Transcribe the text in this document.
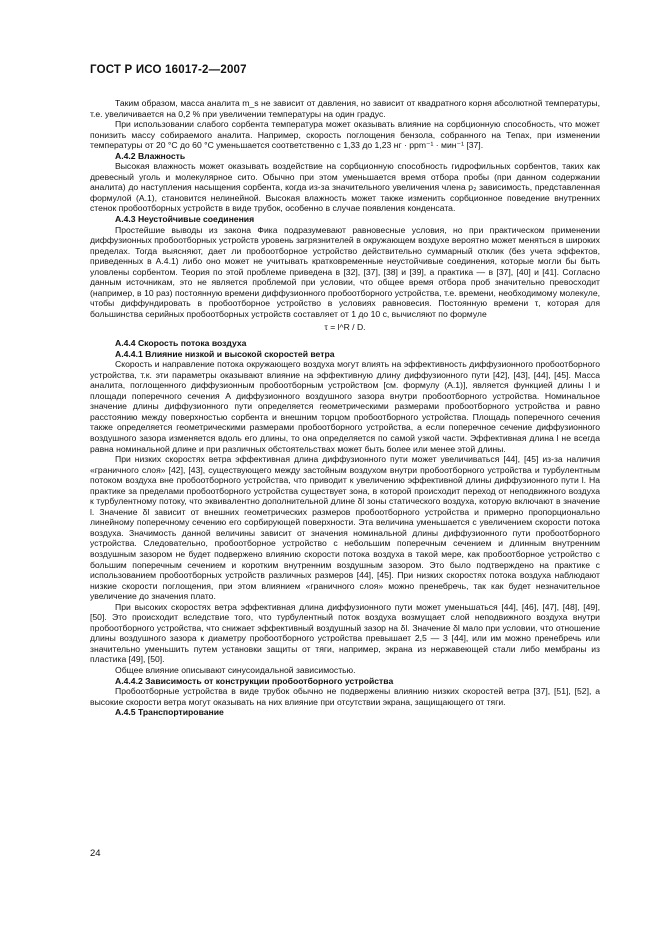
ГОСТ Р ИСО 16017-2—2007

Таким образом, масса аналита m_s не зависит от давления, но зависит от квадратного корня абсолютной температуры, т.е. увеличивается на 0,2 % при увеличении температуры на один градус.

При использовании слабого сорбента температура может оказывать влияние на сорбционную способность, что может понизить массу собираемого аналита. Например, скорость поглощения бензола, собранного на Тепах, при изменении температуры от 20 °С до 60 °С уменьшается соответственно с 1,33 до 1,23 нг · ppm⁻¹ · мин⁻¹ [37].

А.4.2 Влажность

Высокая влажность может оказывать воздействие на сорбционную способность гидрофильных сорбентов, таких как древесный уголь и молекулярное сито. Обычно при этом уменьшается время отбора пробы (при данном содержании аналита) до наступления насыщения сорбента, когда из-за значительного увеличения члена p₂ зависимость, представленная формулой (А.1), становится нелинейной. Высокая влажность может также изменить сорбционное поведение внутренних стенок пробоотборных устройств в виде трубок, особенно в случае появления конденсата.

А.4.3 Неустойчивые соединения

Простейшие выводы из закона Фика подразумевают равновесные условия, но при практическом применении диффузионных пробоотборных устройств уровень загрязнителей в окружающем воздухе вероятно может меняться в широких пределах. Тогда выясняют, дает ли пробоотборное устройство действительно суммарный отклик (без учета эффектов, приведенных в А.4.1) либо оно может не учитывать кратковременные неустойчивые соединения, которые могли бы быть уловлены сорбентом. Теория по этой проблеме приведена в [32], [37], [38] и [39], а практика — в [37], [40] и [41]. Согласно данным источникам, это не является проблемой при условии, что общее время отбора проб значительно превосходит (например, в 10 раз) постоянную времени диффузионного пробоотборного устройства, т.е. времени, необходимому молекуле, чтобы диффундировать в пробоотборное устройство в условиях равновесия. Постоянную времени τ, которая для большинства серийных пробоотборных устройств составляет от 1 до 10 с, вычисляют по формуле

τ = l^R / D.

А.4.4 Скорость потока воздуха

А.4.4.1 Влияние низкой и высокой скоростей ветра

Скорость и направление потока окружающего воздуха могут влиять на эффективность диффузионного пробоотборного устройства, т.к. эти параметры оказывают влияние на эффективную длину диффузионного пути [42], [43], [44], [45]. Масса аналита, поглощенного диффузионным пробоотборным устройством [см. формулу (А.1)], является функцией длины l и площади поперечного сечения A диффузионного воздушного зазора внутри пробоотборного устройства. Номинальное значение длины диффузионного пути определяется геометрическими размерами пробоотборного устройства и равно расстоянию между поверхностью сорбента и внешним торцом пробоотборного устройства. Площадь поперечного сечения также определяется геометрическими размерами пробоотборного устройства, а если поперечное сечение диффузионного воздушного зазора изменяется вдоль его длины, то она определяется по самой узкой части. Эффективная длина l не всегда равна номинальной длине и при различных обстоятельствах может быть более или менее этой длины.

При низких скоростях ветра эффективная длина диффузионного пути может увеличиваться [44], [45] из-за наличия «граничного слоя» [42], [43], существующего между застойным воздухом внутри пробоотборного устройства и турбулентным потоком воздуха вне пробоотборного устройства, что приводит к увеличению эффективной длины диффузионного пути l. На практике за пределами пробоотборного устройства существует зона, в которой происходит переход от неподвижного воздуха к турбулентному потоку, что эквивалентно дополнительной длине δl зоны статического воздуха, которую включают в значение l. Значение δl зависит от внешних геометрических размеров пробоотборного устройства и примерно пропорционально линейному поперечному сечению его сорбирующей поверхности. Эта величина уменьшается с увеличением скорости потока воздуха. Значимость данной величины зависит от значения номинальной длины диффузионного пути пробоотборного устройства. Следовательно, пробоотборное устройство с небольшим поперечным сечением и длинным внутренним воздушным зазором не будет подвержено влиянию скорости потока воздуха в такой мере, как пробоотборное устройство с большим поперечным сечением и коротким внутренним воздушным зазором. Это было подтверждено на практике с использованием пробоотборных устройств различных размеров [44], [45]. При низких скоростях потока воздуха наблюдают низкие скорости поглощения, при этом влиянием «граничного слоя» можно пренебречь, так как будет незначительное увеличение до значения плато.

При высоких скоростях ветра эффективная длина диффузионного пути может уменьшаться [44], [46], [47], [48], [49], [50]. Это происходит вследствие того, что турбулентный поток воздуха возмущает слой неподвижного воздуха внутри пробоотборного устройства, что снижает эффективный воздушный зазор на δl. Значение δl мало при условии, что отношение длины воздушного зазора к диаметру пробоотборного устройства превышает 2,5 — 3 [44], или им можно пренебречь или значительно уменьшить путем установки защиты от тяги, например, экрана из нержавеющей стали либо мембраны из пластика [49], [50].

Общее влияние описывают синусоидальной зависимостью.

А.4.4.2 Зависимость от конструкции пробоотборного устройства

Пробоотборные устройства в виде трубок обычно не подвержены влиянию низких скоростей ветра [37], [51], [52], а высокие скорости ветра могут оказывать на них влияние при отсутствии экрана, защищающего от тяги.

А.4.5 Транспортирование

24
